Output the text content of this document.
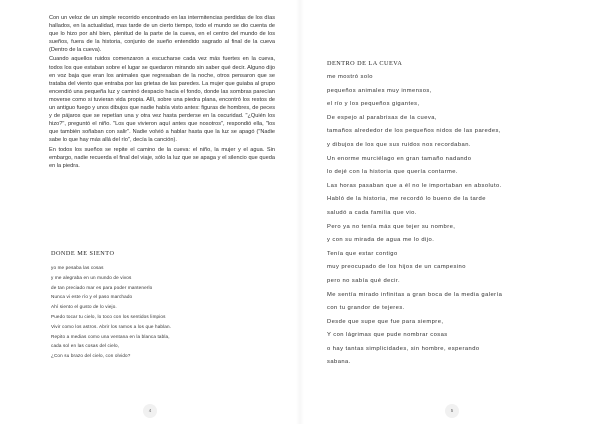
Con un veloz de un simple recorrido encontrado en las intermitencias perdidas de los días hallados, en la actualidad, mas tarde de un cierto tiempo, todo el mundo se dio cuenta de que lo hizo por ahí bien, plenitud de la parte de la cueva, en el centro del mundo de los sueños, fuera de la historia, conjunto de sueño entendido sagrado al final de la cueva (Dentro de la cueva).

Cuando aquellos ruidos comenzaron a escucharse cada vez más fuertes en la cueva, todos los que estaban sobre el lugar se quedaron mirando sin saber qué decir. Alguno dijo en voz baja que eran los animales que regresaban de la noche, otros pensaron que se trataba del viento que entraba por las grietas de las paredes. La mujer que guiaba al grupo encendió una pequeña luz y caminó despacio hacia el fondo, donde las sombras parecían moverse como si tuvieran vida propia. Allí, sobre una piedra plana, encontró los restos de un antiguo fuego y unos dibujos que nadie había visto antes: figuras de hombres, de peces y de pájaros que se repetían una y otra vez hasta perderse en la oscuridad. "¿Quién los hizo?", preguntó el niño. "Los que vivieron aquí antes que nosotros", respondió ella, "los que también soñaban con salir". Nadie volvió a hablar hasta que la luz se apagó ("Nadie sabe lo que hay más allá del río", decía la canción).

En todos los sueños se repite el camino de la cueva: el niño, la mujer y el agua. Sin embargo, nadie recuerda el final del viaje, sólo la luz que se apaga y el silencio que queda en la piedra.

DONDE ME SIENTO
yo me pesaba las cosas
y me alegraba en un mundo de vivos
de tan preciado mar es para poder mantenerlo
Nunca vi este río y el paso marchado
Ahí siento el gusto de lo viejo.
Puedo tocar tu cielo, lo toco con los sentidos limpios
Vivir como los astros. Abrir los ramos a los que hablan.
Repito a medias como una ventana en la blanca tabla,
cada sol en las cosas del cielo,
¿Con su brazo del cielo, con olvido?
4
DENTRO DE LA CUEVA
me mostró solo
pequeños animales muy inmensos,
el río y los pequeños gigantes,
De espejo al parabrisas de la cueva,
tamaños alrededor de los pequeños nidos de las paredes,
y dibujos de los que sus ruidos nos recordaban.
Un enorme murciélago en gran tamaño nadando
lo dejé con la historia que quería contarme.
Las horas pasaban que a él no le importaban en absoluto.
Habló de la historia, me recordó lo bueno de la tarde
saludó a cada familia que vio.
Pero ya no tenía más que tejer su nombre,
y con su mirada de agua me lo dijo.
Tenía que estar contigo
muy preocupado de los hijos de un campesino
pero no sabía qué decir.
Me sentía mirado infinitas a gran boca de la media galería
con tu grandor de tejeres.
Desde que supe que fue para siempre,
Y con lágrimas que pude nombrar cosas
o hay tantas simplicidades, sin hombre, esperando
sabana.
5
